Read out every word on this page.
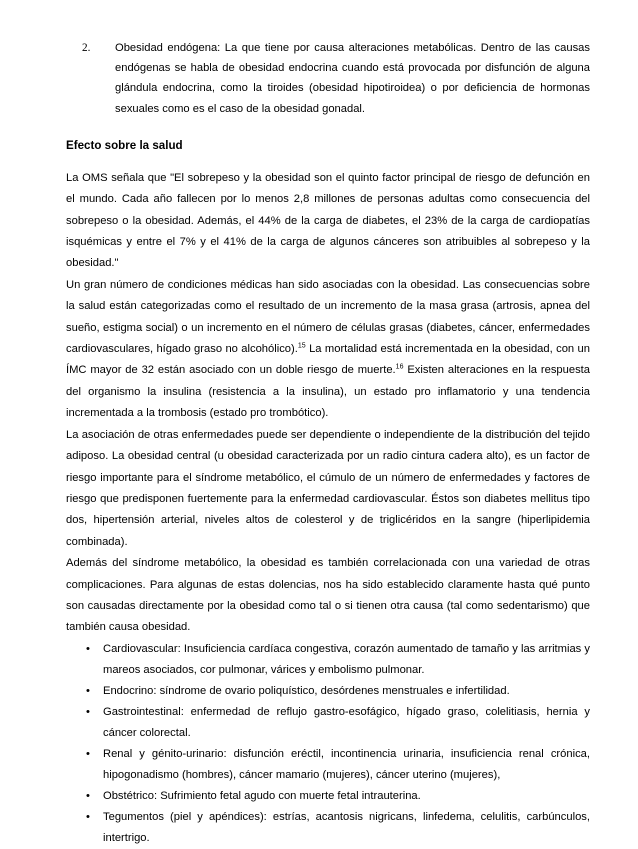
2.	Obesidad endógena: La que tiene por causa alteraciones metabólicas. Dentro de las causas endógenas se habla de obesidad endocrina cuando está provocada por disfunción de alguna glándula endocrina, como la tiroides (obesidad hipotiroidea) o por deficiencia de hormonas sexuales como es el caso de la obesidad gonadal.
Efecto sobre la salud

La OMS señala que "El sobrepeso y la obesidad son el quinto factor principal de riesgo de defunción en el mundo. Cada año fallecen por lo menos 2,8 millones de personas adultas como consecuencia del sobrepeso o la obesidad. Además, el 44% de la carga de diabetes, el 23% de la carga de cardiopatías isquémicas y entre el 7% y el 41% de la carga de algunos cánceres son atribuibles al sobrepeso y la obesidad."

Un gran número de condiciones médicas han sido asociadas con la obesidad. Las consecuencias sobre la salud están categorizadas como el resultado de un incremento de la masa grasa (artrosis, apnea del sueño, estigma social) o un incremento en el número de células grasas (diabetes, cáncer, enfermedades cardiovasculares, hígado graso no alcohólico).$^{15}$ La mortalidad está incrementada en la obesidad, con un ÍMC mayor de 32 están asociado con un doble riesgo de muerte.$^{16}$ Existen alteraciones en la respuesta del organismo la insulina (resistencia a la insulina), un estado pro inflamatorio y una tendencia incrementada a la trombosis (estado pro trombótico).

La asociación de otras enfermedades puede ser dependiente o independiente de la distribución del tejido adiposo. La obesidad central (u obesidad caracterizada por un radio cintura cadera alto), es un factor de riesgo importante para el síndrome metabólico, el cúmulo de un número de enfermedades y factores de riesgo que predisponen fuertemente para la enfermedad cardiovascular. Éstos son diabetes mellitus tipo dos, hipertensión arterial, niveles altos de colesterol y de triglicéridos en la sangre (hiperlipidemia combinada).

Además del síndrome metabólico, la obesidad es también correlacionada con una variedad de otras complicaciones. Para algunas de estas dolencias, nos ha sido establecido claramente hasta qué punto son causadas directamente por la obesidad como tal o si tienen otra causa (tal como sedentarismo) que también causa obesidad.

•	Cardiovascular: Insuficiencia cardíaca congestiva, corazón aumentado de tamaño y las arritmias y mareos asociados, cor pulmonar, várices y embolismo pulmonar.
•	Endocrino: síndrome de ovario poliquístico, desórdenes menstruales e infertilidad.
•	Gastrointestinal: enfermedad de reflujo gastro-esofágico, hígado graso, colelitiasis, hernia y cáncer colorectal.
•	Renal y génito-urinario: disfunción eréctil, incontinencia urinaria, insuficiencia renal crónica, hipogonadismo (hombres), cáncer mamario (mujeres), cáncer uterino (mujeres),
•	Obstétrico: Sufrimiento fetal agudo con muerte fetal intrauterina.
•	Tegumentos (piel y apéndices): estrías, acantosis nigricans, linfedema, celulitis, carbúnculos, intertrigo.
